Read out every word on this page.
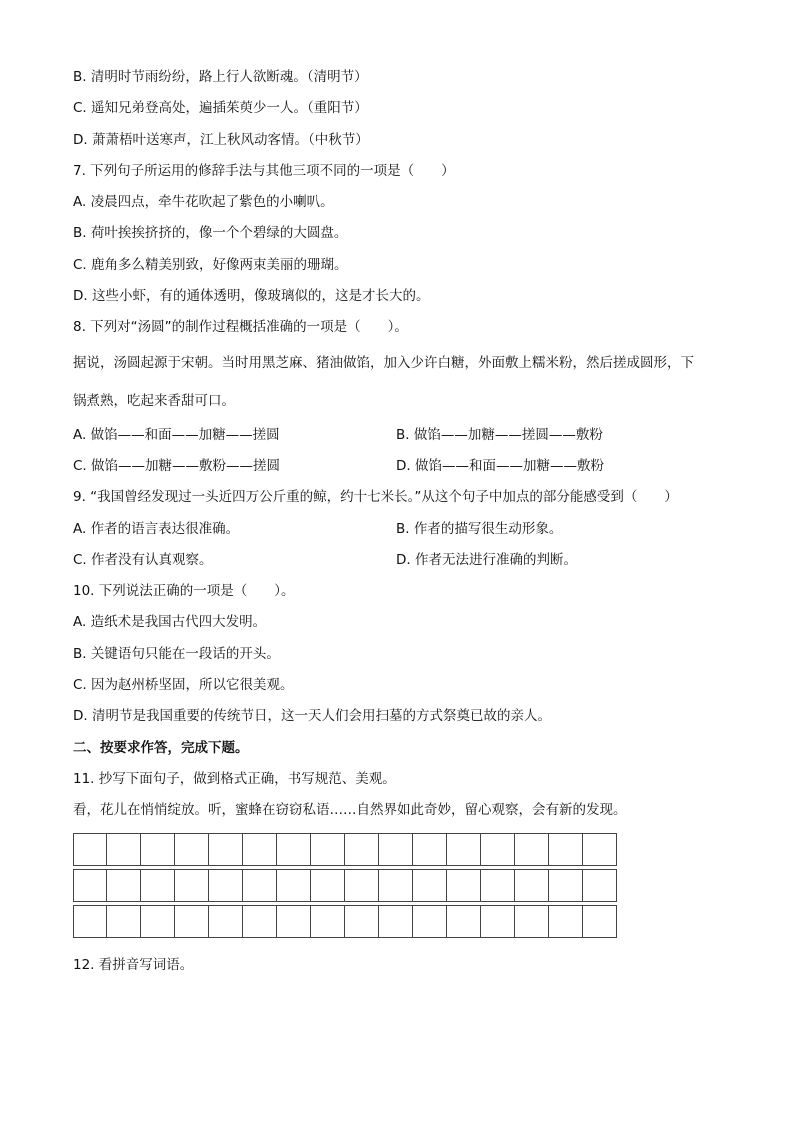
B. 清明时节雨纷纷，路上行人欲断魂。（清明节）
C. 遥知兄弟登高处，遍插茱萸少一人。（重阳节）
D. 萧萧梧叶送寒声，江上秋风动客情。（中秋节）
7. 下列句子所运用的修辞手法与其他三项不同的一项是（　　）
A. 凌晨四点，牵牛花吹起了紫色的小喇叭。
B. 荷叶挨挨挤挤的，像一个个碧绿的大圆盘。
C. 鹿角多么精美别致，好像两束美丽的珊瑚。
D. 这些小虾，有的通体透明，像玻璃似的，这是才长大的。
8. 下列对“汤圆”的制作过程概括准确的一项是（　　）。
据说，汤圆起源于宋朝。当时用黑芝麻、猪油做馅，加入少许白糖，外面敷上糯米粉，然后搓成圆形，下
锅煮熟，吃起来香甜可口。
A. 做馅——和面——加糖——搓圆	B. 做馅——加糖——搓圆——敷粉
C. 做馅——加糖——敷粉——搓圆	D. 做馅——和面——加糖——敷粉
9. “我国曾经发现过一头近四万公斤重的鲸，约十七米长。”从这个句子中加点的部分能感受到（　　）
A. 作者的语言表达很准确。	B. 作者的描写很生动形象。
C. 作者没有认真观察。	D. 作者无法进行准确的判断。
10. 下列说法正确的一项是（　　）。
A. 造纸术是我国古代四大发明。
B. 关键语句只能在一段话的开头。
C. 因为赵州桥坚固，所以它很美观。
D. 清明节是我国重要的传统节日，这一天人们会用扫墓的方式祭奠已故的亲人。
二、按要求作答，完成下题。
11. 抄写下面句子，做到格式正确，书写规范、美观。
看，花儿在悄悄绽放。听，蜜蜂在窃窃私语……自然界如此奇妙，留心观察，会有新的发现。
12. 看拼音写词语。
